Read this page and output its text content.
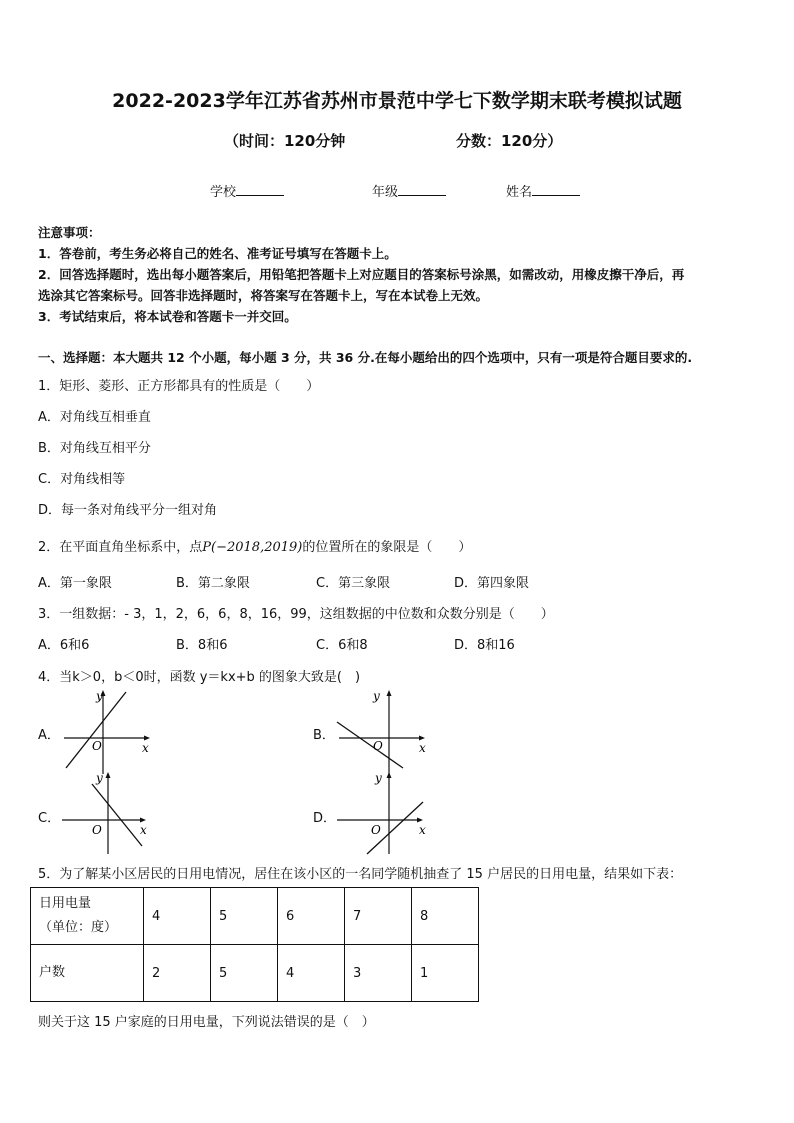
2022-2023学年江苏省苏州市景范中学七下数学期末联考模拟试题
（时间：120分钟	分数：120分）
学校	年级	姓名
注意事项：
1．答卷前，考生务必将自己的姓名、准考证号填写在答题卡上。
2．回答选择题时，选出每小题答案后，用铅笔把答题卡上对应题目的答案标号涂黑，如需改动，用橡皮擦干净后，再
选涂其它答案标号。回答非选择题时，将答案写在答题卡上，写在本试卷上无效。
3．考试结束后，将本试卷和答题卡一并交回。
一、选择题：本大题共 12 个小题，每小题 3 分，共 36 分.在每小题给出的四个选项中，只有一项是符合题目要求的.
1．矩形、菱形、正方形都具有的性质是（　　）
A．对角线互相垂直
B．对角线互相平分
C．对角线相等
D．每一条对角线平分一组对角
2．在平面直角坐标系中，点P(−2018,2019)的位置所在的象限是（　　）
A．第一象限	B．第二象限	C．第三象限	D．第四象限
3．一组数据：- 3，1，2，6，6，8，16，99，这组数据的中位数和众数分别是（　　）
A．6和6	B．8和6	C．6和8	D．8和16
4．当k＞0，b＜0时，函数 y＝kx+b 的图象大致是(　)
A．	B．
C．	D．
y
x
O
y
x
O
y
x
O
y
x
O
5．为了解某小区居民的日用电情况，居住在该小区的一名同学随机抽查了 15 户居民的日用电量，结果如下表：
日用电量
（单位：度）	4	5	6	7	8
户数	2	5	4	3	1
则关于这 15 户家庭的日用电量，下列说法错误的是（　）
